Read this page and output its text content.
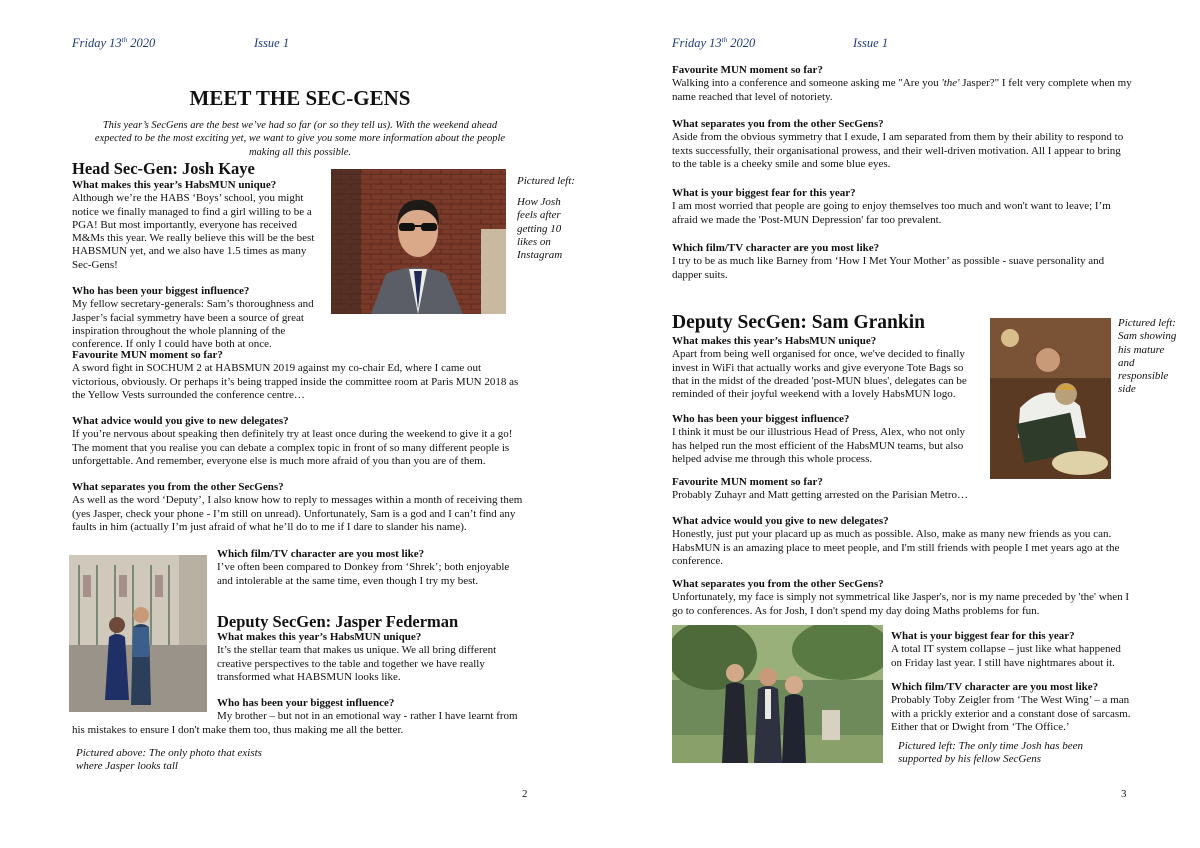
Friday 13th 2020	Issue 1
MEET THE SEC-GENS
This year’s SecGens are the best we’ve had so far (or so they tell us). With the weekend ahead expected to be the most exciting yet, we want to give you some more information about the people making all this possible.
Head Sec-Gen: Josh Kaye
What makes this year’s HabsMUN unique?
Although we’re the HABS ‘Boys’ school, you might notice we finally managed to find a girl willing to be a PGA! But most importantly, everyone has received M&Ms this year. We really believe this will be the best HABSMUN yet, and we also have 1.5 times as many Sec-Gens!
Pictured left:
How Josh feels after getting 10 likes on Instagram
Who has been your biggest influence?
My fellow secretary-generals: Sam’s thoroughness and Jasper’s facial symmetry have been a source of great inspiration throughout the whole planning of the conference. If only I could have both at once.
Favourite MUN moment so far?
A sword fight in SOCHUM 2 at HABSMUN 2019 against my co-chair Ed, where I came out victorious, obviously. Or perhaps it’s being trapped inside the committee room at Paris MUN 2018 as the Yellow Vests surrounded the conference centre…
What advice would you give to new delegates?
If you’re nervous about speaking then definitely try at least once during the weekend to give it a go! The moment that you realise you can debate a complex topic in front of so many different people is unforgettable. And remember, everyone else is much more afraid of you than you are of them.
What separates you from the other SecGens?
As well as the word ‘Deputy’, I also know how to reply to messages within a month of receiving them (yes Jasper, check your phone - I’m still on unread). Unfortunately, Sam is a god and I can’t find any faults in him (actually I’m just afraid of what he’ll do to me if I dare to slander his name).
Which film/TV character are you most like?
I’ve often been compared to Donkey from ‘Shrek’; both enjoyable and intolerable at the same time, even though I try my best.
Deputy SecGen: Jasper Federman
What makes this year’s HabsMUN unique?
It’s the stellar team that makes us unique. We all bring different creative perspectives to the table and together we have really transformed what HABSMUN looks like.
Who has been your biggest influence?
My brother – but not in an emotional way - rather I have learnt from
his mistakes to ensure I don't make them too, thus making me all the better.
Pictured above: The only photo that exists where Jasper looks tall
2
Friday 13th 2020	Issue 1
Favourite MUN moment so far?
Walking into a conference and someone asking me "Are you 'the' Jasper?" I felt very complete when my name reached that level of notoriety.
What separates you from the other SecGens?
Aside from the obvious symmetry that I exude, I am separated from them by their ability to respond to texts successfully, their organisational prowess, and their well-driven motivation. All I appear to bring to the table is a cheeky smile and some blue eyes.
What is your biggest fear for this year?
I am most worried that people are going to enjoy themselves too much and won't want to leave; I’m afraid we made the 'Post-MUN Depression' far too prevalent.
Which film/TV character are you most like?
I try to be as much like Barney from ‘How I Met Your Mother’ as possible - suave personality and dapper suits.
Deputy SecGen: Sam Grankin
What makes this year’s HabsMUN unique?
Apart from being well organised for once, we've decided to finally invest in WiFi that actually works and give everyone Tote Bags so that in the midst of the dreaded 'post-MUN blues', delegates can be reminded of their joyful weekend with a lovely HabsMUN logo.
Pictured left: Sam showing his mature and responsible side
Who has been your biggest influence?
I think it must be our illustrious Head of Press, Alex, who not only has helped run the most efficient of the HabsMUN teams, but also helped advise me through this whole process.
Favourite MUN moment so far?
Probably Zuhayr and Matt getting arrested on the Parisian Metro…
What advice would you give to new delegates?
Honestly, just put your placard up as much as possible. Also, make as many new friends as you can. HabsMUN is an amazing place to meet people, and I'm still friends with people I met years ago at the conference.
What separates you from the other SecGens?
Unfortunately, my face is simply not symmetrical like Jasper's, nor is my name preceded by 'the' when I go to conferences. As for Josh, I don't spend my day doing Maths problems for fun.
What is your biggest fear for this year?
A total IT system collapse – just like what happened on Friday last year. I still have nightmares about it.
Which film/TV character are you most like?
Probably Toby Zeigler from ‘The West Wing’ – a man with a prickly exterior and a constant dose of sarcasm. Either that or Dwight from ‘The Office.’
Pictured left: The only time Josh has been supported by his fellow SecGens
3
